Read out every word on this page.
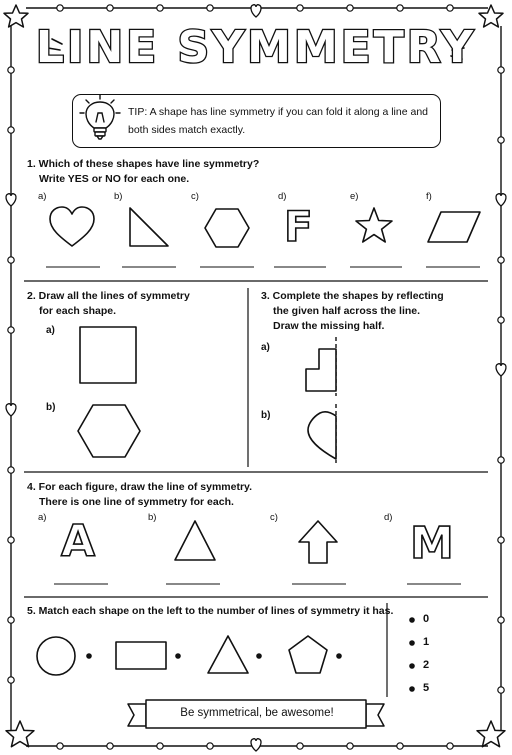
LINE SYMMETRY
TIP: A shape has line symmetry if you can fold it along a line and both sides match exactly.
1. Which of these shapes have line symmetry?
Write YES or NO for each one.
a)	b)	c)	d)	e)	f)
F
2. Draw all the lines of symmetry
for each shape.
a)
b)
3. Complete the shapes by reflecting
the given half across the line.
Draw the missing half.
a)
b)
4. For each figure, draw the line of symmetry.
There is one line of symmetry for each.
a)	b)	c)	d)
A	M
5. Match each shape on the left to the number of lines of symmetry it has.
0
1
2
5
Be symmetrical, be awesome!
